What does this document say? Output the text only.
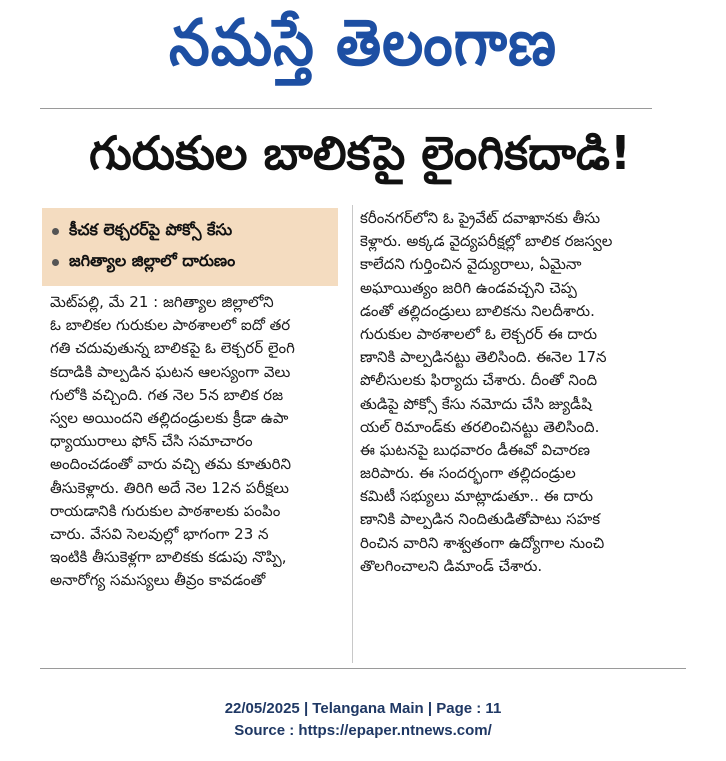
నమస్తే తెలంగాణ
గురుకుల బాలికపై లైంగికదాడి!
కీచక లెక్చరర్‌పై పోక్సో కేసు
జగిత్యాల జిల్లాలో దారుణం
మెట్‌పల్లి, మే 21 : జగిత్యాల జిల్లాలోని
ఓ బాలికల గురుకుల పాఠశాలలో ఐదో తర
గతి చదువుతున్న బాలికపై ఓ లెక్చరర్ లైంగి
కదాడికి పాల్పడిన ఘటన ఆలస్యంగా వెలు
గులోకి వచ్చింది. గత నెల 5న బాలిక రజ
స్వల అయిందని తల్లిదండ్రులకు క్రీడా ఉపా
ధ్యాయురాలు ఫోన్ చేసి సమాచారం
అందించడంతో వారు వచ్చి తమ కూతురిని
తీసుకెళ్లారు. తిరిగి అదే నెల 12న పరీక్షలు
రాయడానికి గురుకుల పాఠశాలకు పంపిం
చారు. వేసవి సెలవుల్లో భాగంగా 23 న
ఇంటికి తీసుకెళ్లగా బాలికకు కడుపు నొప్పి,
అనారోగ్య సమస్యలు తీవ్రం కావడంతో
కరీంనగర్‌లోని ఓ ప్రైవేట్ దవాఖానకు తీసు
కెళ్లారు. అక్కడ వైద్యపరీక్షల్లో బాలిక రజస్వల
కాలేదని గుర్తించిన వైద్యురాలు, ఏమైనా
అఘాయిత్యం జరిగి ఉండవచ్చని చెప్ప
డంతో తల్లిదండ్రులు బాలికను నిలదీశారు.
గురుకుల పాఠశాలలో ఓ లెక్చరర్ ఈ దారు
ణానికి పాల్పడినట్టు తెలిసింది. ఈనెల 17న
పోలీసులకు ఫిర్యాదు చేశారు. దీంతో నింది
తుడిపై పోక్సో కేసు నమోదు చేసి జ్యుడీషి
యల్ రిమాండ్‌కు తరలించినట్టు తెలిసింది.
ఈ ఘటనపై బుధవారం డీఈవో విచారణ
జరిపారు. ఈ సందర్భంగా తల్లిదండ్రుల
కమిటీ సభ్యులు మాట్లాడుతూ.. ఈ దారు
ణానికి పాల్పడిన నిందితుడితోపాటు సహక
రించిన వారిని శాశ్వతంగా ఉద్యోగాల నుంచి
తొలగించాలని డిమాండ్ చేశారు.
22/05/2025 | Telangana Main | Page : 11
Source : https://epaper.ntnews.com/
